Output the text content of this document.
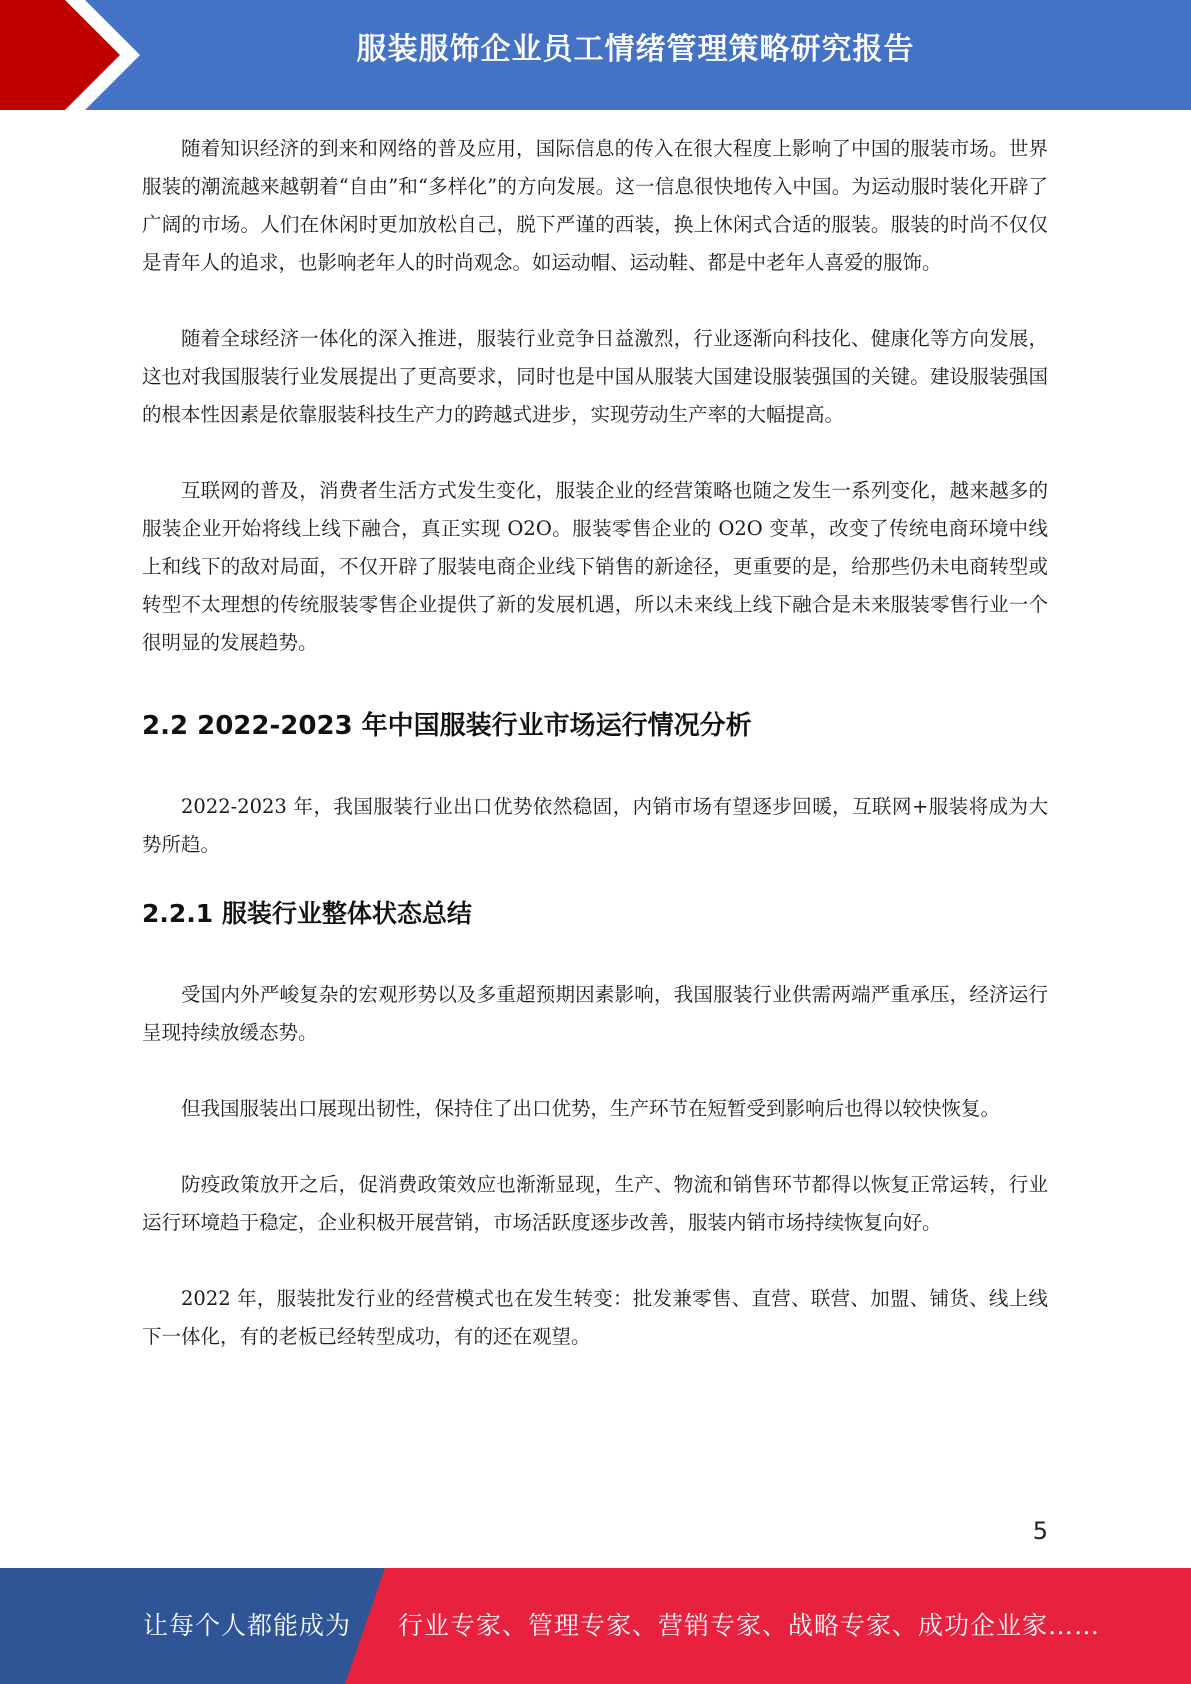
服装服饰企业员工情绪管理策略研究报告

随着知识经济的到来和网络的普及应用，国际信息的传入在很大程度上影响了中国的服装市场。世界服装的潮流越来越朝着“自由”和“多样化”的方向发展。这一信息很快地传入中国。为运动服时装化开辟了广阔的市场。人们在休闲时更加放松自己，脱下严谨的西装，换上休闲式合适的服装。服装的时尚不仅仅是青年人的追求，也影响老年人的时尚观念。如运动帽、运动鞋、都是中老年人喜爱的服饰。

随着全球经济一体化的深入推进，服装行业竞争日益激烈，行业逐渐向科技化、健康化等方向发展，这也对我国服装行业发展提出了更高要求，同时也是中国从服装大国建设服装强国的关键。建设服装强国的根本性因素是依靠服装科技生产力的跨越式进步，实现劳动生产率的大幅提高。

互联网的普及，消费者生活方式发生变化，服装企业的经营策略也随之发生一系列变化，越来越多的服装企业开始将线上线下融合，真正实现 O2O。服装零售企业的 O2O 变革，改变了传统电商环境中线上和线下的敌对局面，不仅开辟了服装电商企业线下销售的新途径，更重要的是，给那些仍未电商转型或转型不太理想的传统服装零售企业提供了新的发展机遇，所以未来线上线下融合是未来服装零售行业一个很明显的发展趋势。

2.2 2022-2023 年中国服装行业市场运行情况分析

2022-2023 年，我国服装行业出口优势依然稳固，内销市场有望逐步回暖，互联网+服装将成为大势所趋。

2.2.1 服装行业整体状态总结

受国内外严峻复杂的宏观形势以及多重超预期因素影响，我国服装行业供需两端严重承压，经济运行呈现持续放缓态势。

但我国服装出口展现出韧性，保持住了出口优势，生产环节在短暂受到影响后也得以较快恢复。

防疫政策放开之后，促消费政策效应也渐渐显现，生产、物流和销售环节都得以恢复正常运转，行业运行环境趋于稳定，企业积极开展营销，市场活跃度逐步改善，服装内销市场持续恢复向好。

2022 年，服装批发行业的经营模式也在发生转变：批发兼零售、直营、联营、加盟、铺货、线上线下一体化，有的老板已经转型成功，有的还在观望。

5
让每个人都能成为 行业专家、管理专家、营销专家、战略专家、成功企业家……
